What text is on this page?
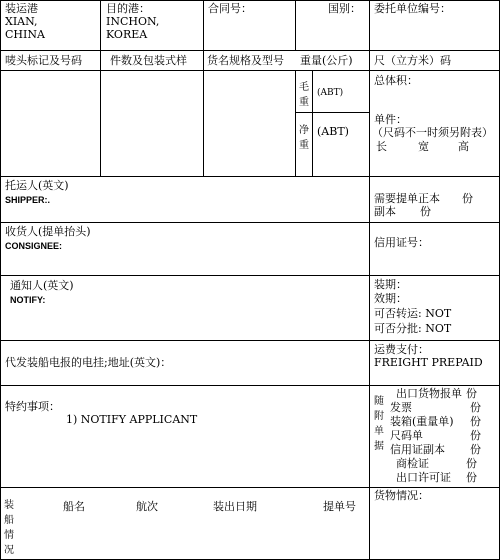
装运港
XIAN,
CHINA
目的港：
INCHON,
KOREA
合同号：	国别： 委托单位编号：
唛头标记及号码	件数及包装式样 货名规格及型号 重量(公斤) 尺（立方米）码
毛重
(ABT)
净重
(ABT)
总体积：
单件：
（尺码不一时须另附表）
长	宽	高
托运人(英文)
SHIPPER:.	需要提单正本 份
副本 份
收货人(提单抬头)
CONSIGNEE:	信用证号：
通知人(英文)
NOTIFY:
装期：
效期：
可否转运: NOT
可否分批: NOT
代发装船电报的电挂;地址(英文)：
运费支付：
FREIGHT PREPAID
特约事项：
1) NOTIFY APPLICANT
随附单据
出口货物报单 份
发票	份
装箱(重量单) 份
尺码单	份
信用证副本 份
商检证	份
出口许可证 份
装船情况
船名	航次	装出日期	提单号
货物情况：
